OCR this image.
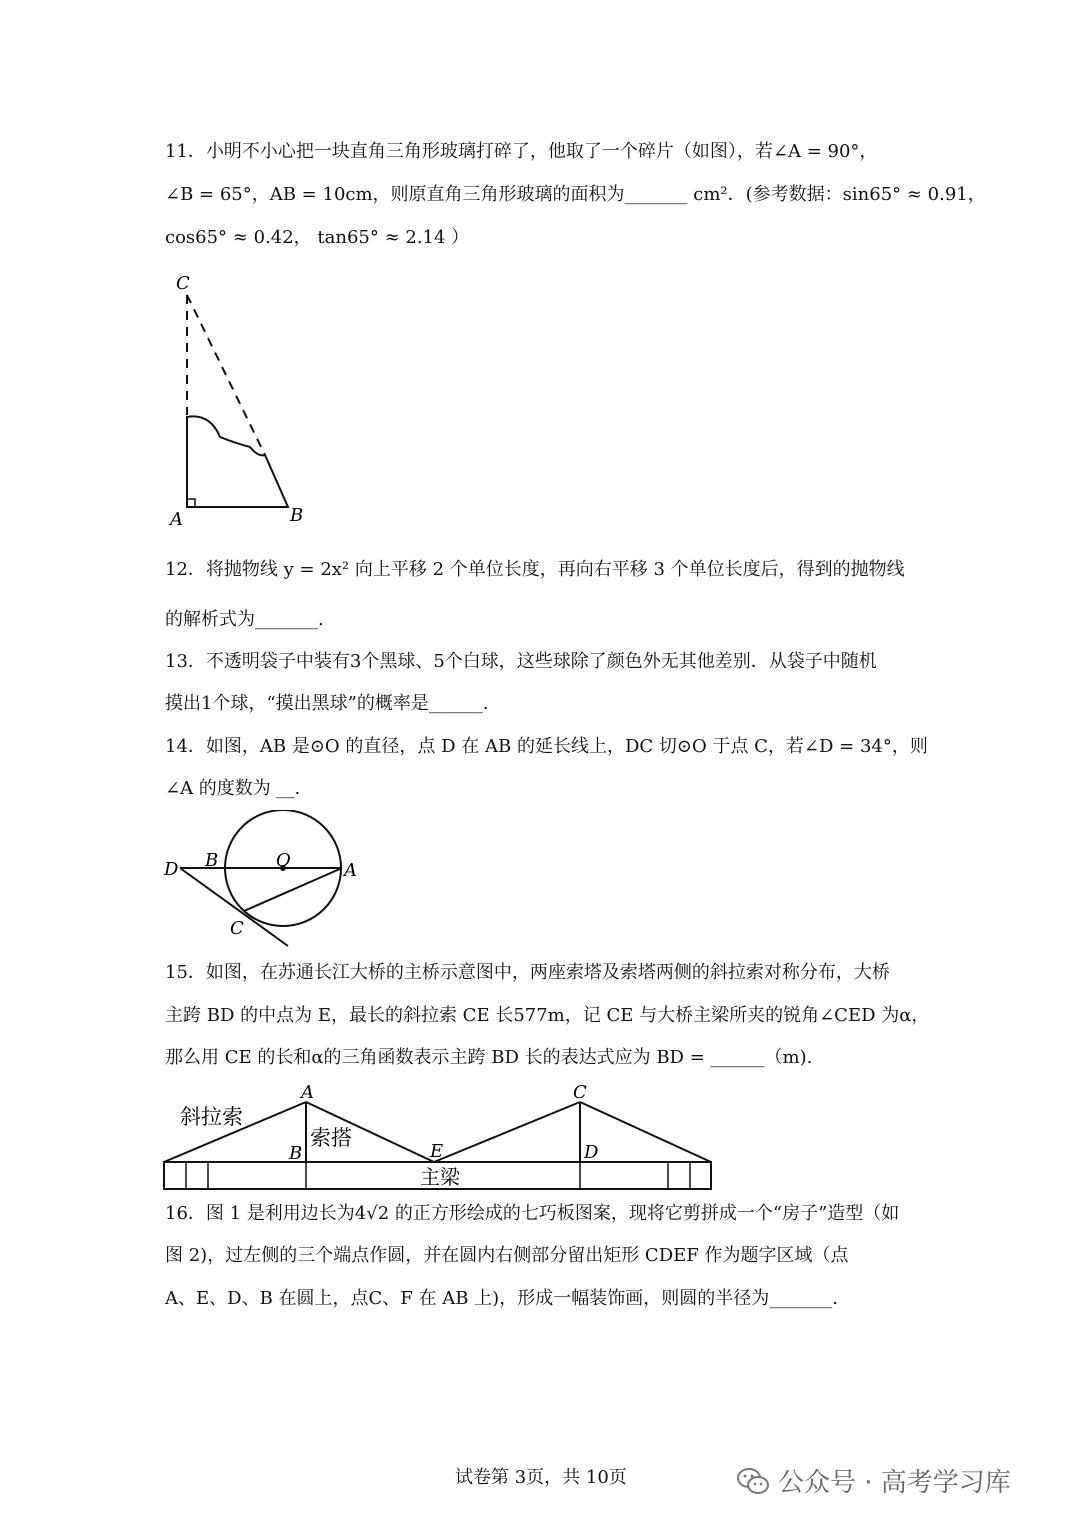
11．小明不小心把一块直角三角形玻璃打碎了，他取了一个碎片（如图），若∠A = 90°，
∠B = 65°，AB = 10cm，则原直角三角形玻璃的面积为_______ cm²．(参考数据：sin65° ≈ 0.91，
cos65° ≈ 0.42， tan65° ≈ 2.14 ）
C
A	B
12．将抛物线 y = 2x² 向上平移 2 个单位长度，再向右平移 3 个单位长度后，得到的抛物线
的解析式为_______.
13．不透明袋子中装有3个黑球、5个白球，这些球除了颜色外无其他差别．从袋子中随机
摸出1个球，“摸出黑球”的概率是______.
14．如图，AB 是⊙O 的直径，点 D 在 AB 的延长线上，DC 切⊙O 于点 C，若∠D = 34°，则
∠A 的度数为 __.
D B	O	A
C
15．如图，在苏通长江大桥的主桥示意图中，两座索塔及索塔两侧的斜拉索对称分布，大桥
主跨 BD 的中点为 E，最长的斜拉索 CE 长577m，记 CE 与大桥主梁所夹的锐角∠CED 为α，
那么用 CE 的长和α的三角函数表示主跨 BD 长的表达式应为 BD = ______（m).
斜拉索
索搭
主梁
A
B	E
C
D
16．图 1 是利用边长为4√2 的正方形绘成的七巧板图案，现将它剪拼成一个“房子”造型（如
图 2)，过左侧的三个端点作圆，并在圆内右侧部分留出矩形 CDEF 作为题字区域（点
A、E、D、B 在圆上，点C、F 在 AB 上)，形成一幅装饰画，则圆的半径为_______.
试卷第 3页，共 10页	公众号 · 高考学习库
